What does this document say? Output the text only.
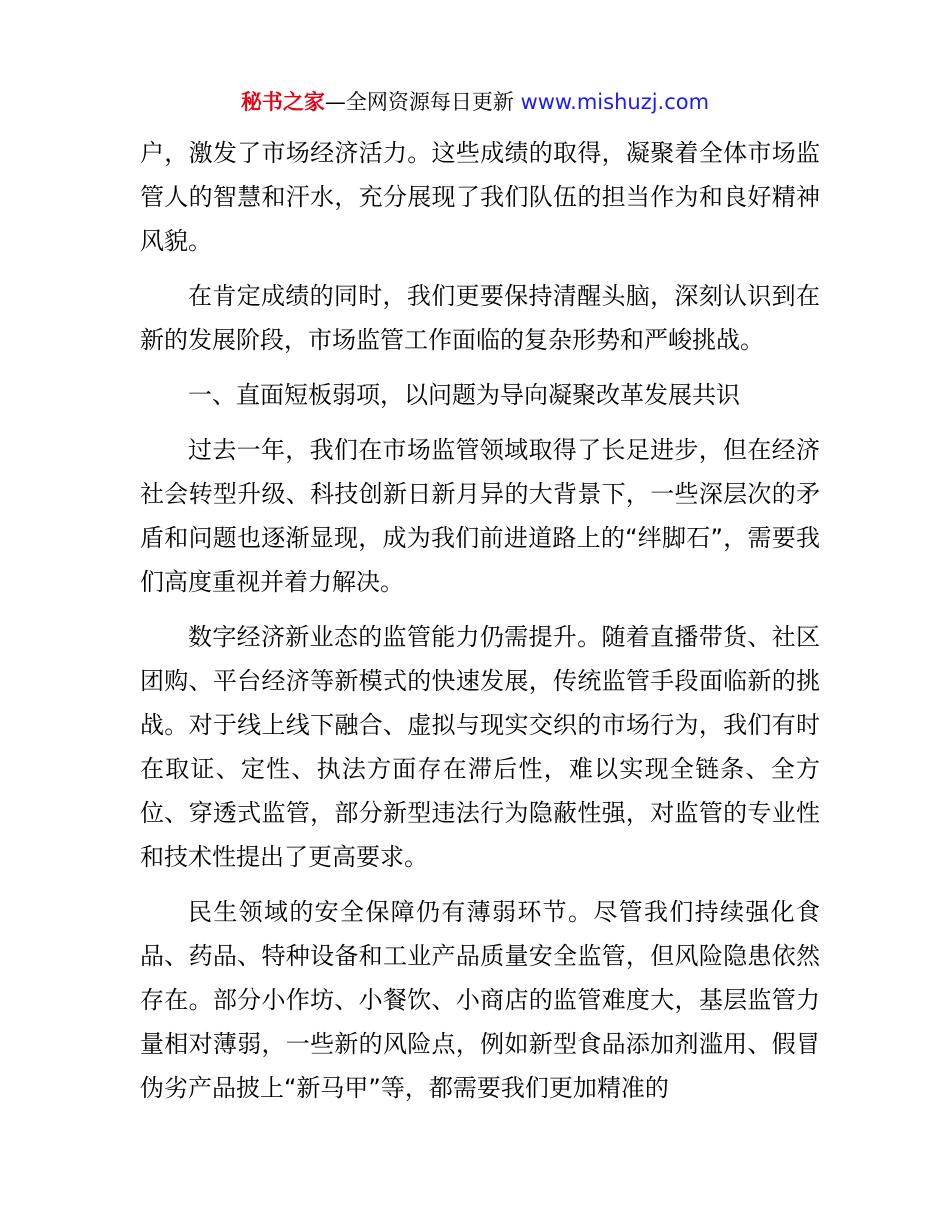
秘书之家—全网资源每日更新 www.mishuzj.com

户，激发了市场经济活力。这些成绩的取得，凝聚着全体市场监管人的智慧和汗水，充分展现了我们队伍的担当作为和良好精神风貌。

在肯定成绩的同时，我们更要保持清醒头脑，深刻认识到在新的发展阶段，市场监管工作面临的复杂形势和严峻挑战。

一、直面短板弱项，以问题为导向凝聚改革发展共识

过去一年，我们在市场监管领域取得了长足进步，但在经济社会转型升级、科技创新日新月异的大背景下，一些深层次的矛盾和问题也逐渐显现，成为我们前进道路上的“绊脚石”，需要我们高度重视并着力解决。

数字经济新业态的监管能力仍需提升。随着直播带货、社区团购、平台经济等新模式的快速发展，传统监管手段面临新的挑战。对于线上线下融合、虚拟与现实交织的市场行为，我们有时在取证、定性、执法方面存在滞后性，难以实现全链条、全方位、穿透式监管，部分新型违法行为隐蔽性强，对监管的专业性和技术性提出了更高要求。

民生领域的安全保障仍有薄弱环节。尽管我们持续强化食品、药品、特种设备和工业产品质量安全监管，但风险隐患依然存在。部分小作坊、小餐饮、小商店的监管难度大，基层监管力量相对薄弱，一些新的风险点，例如新型食品添加剂滥用、假冒伪劣产品披上“新马甲”等，都需要我们更加精准的
